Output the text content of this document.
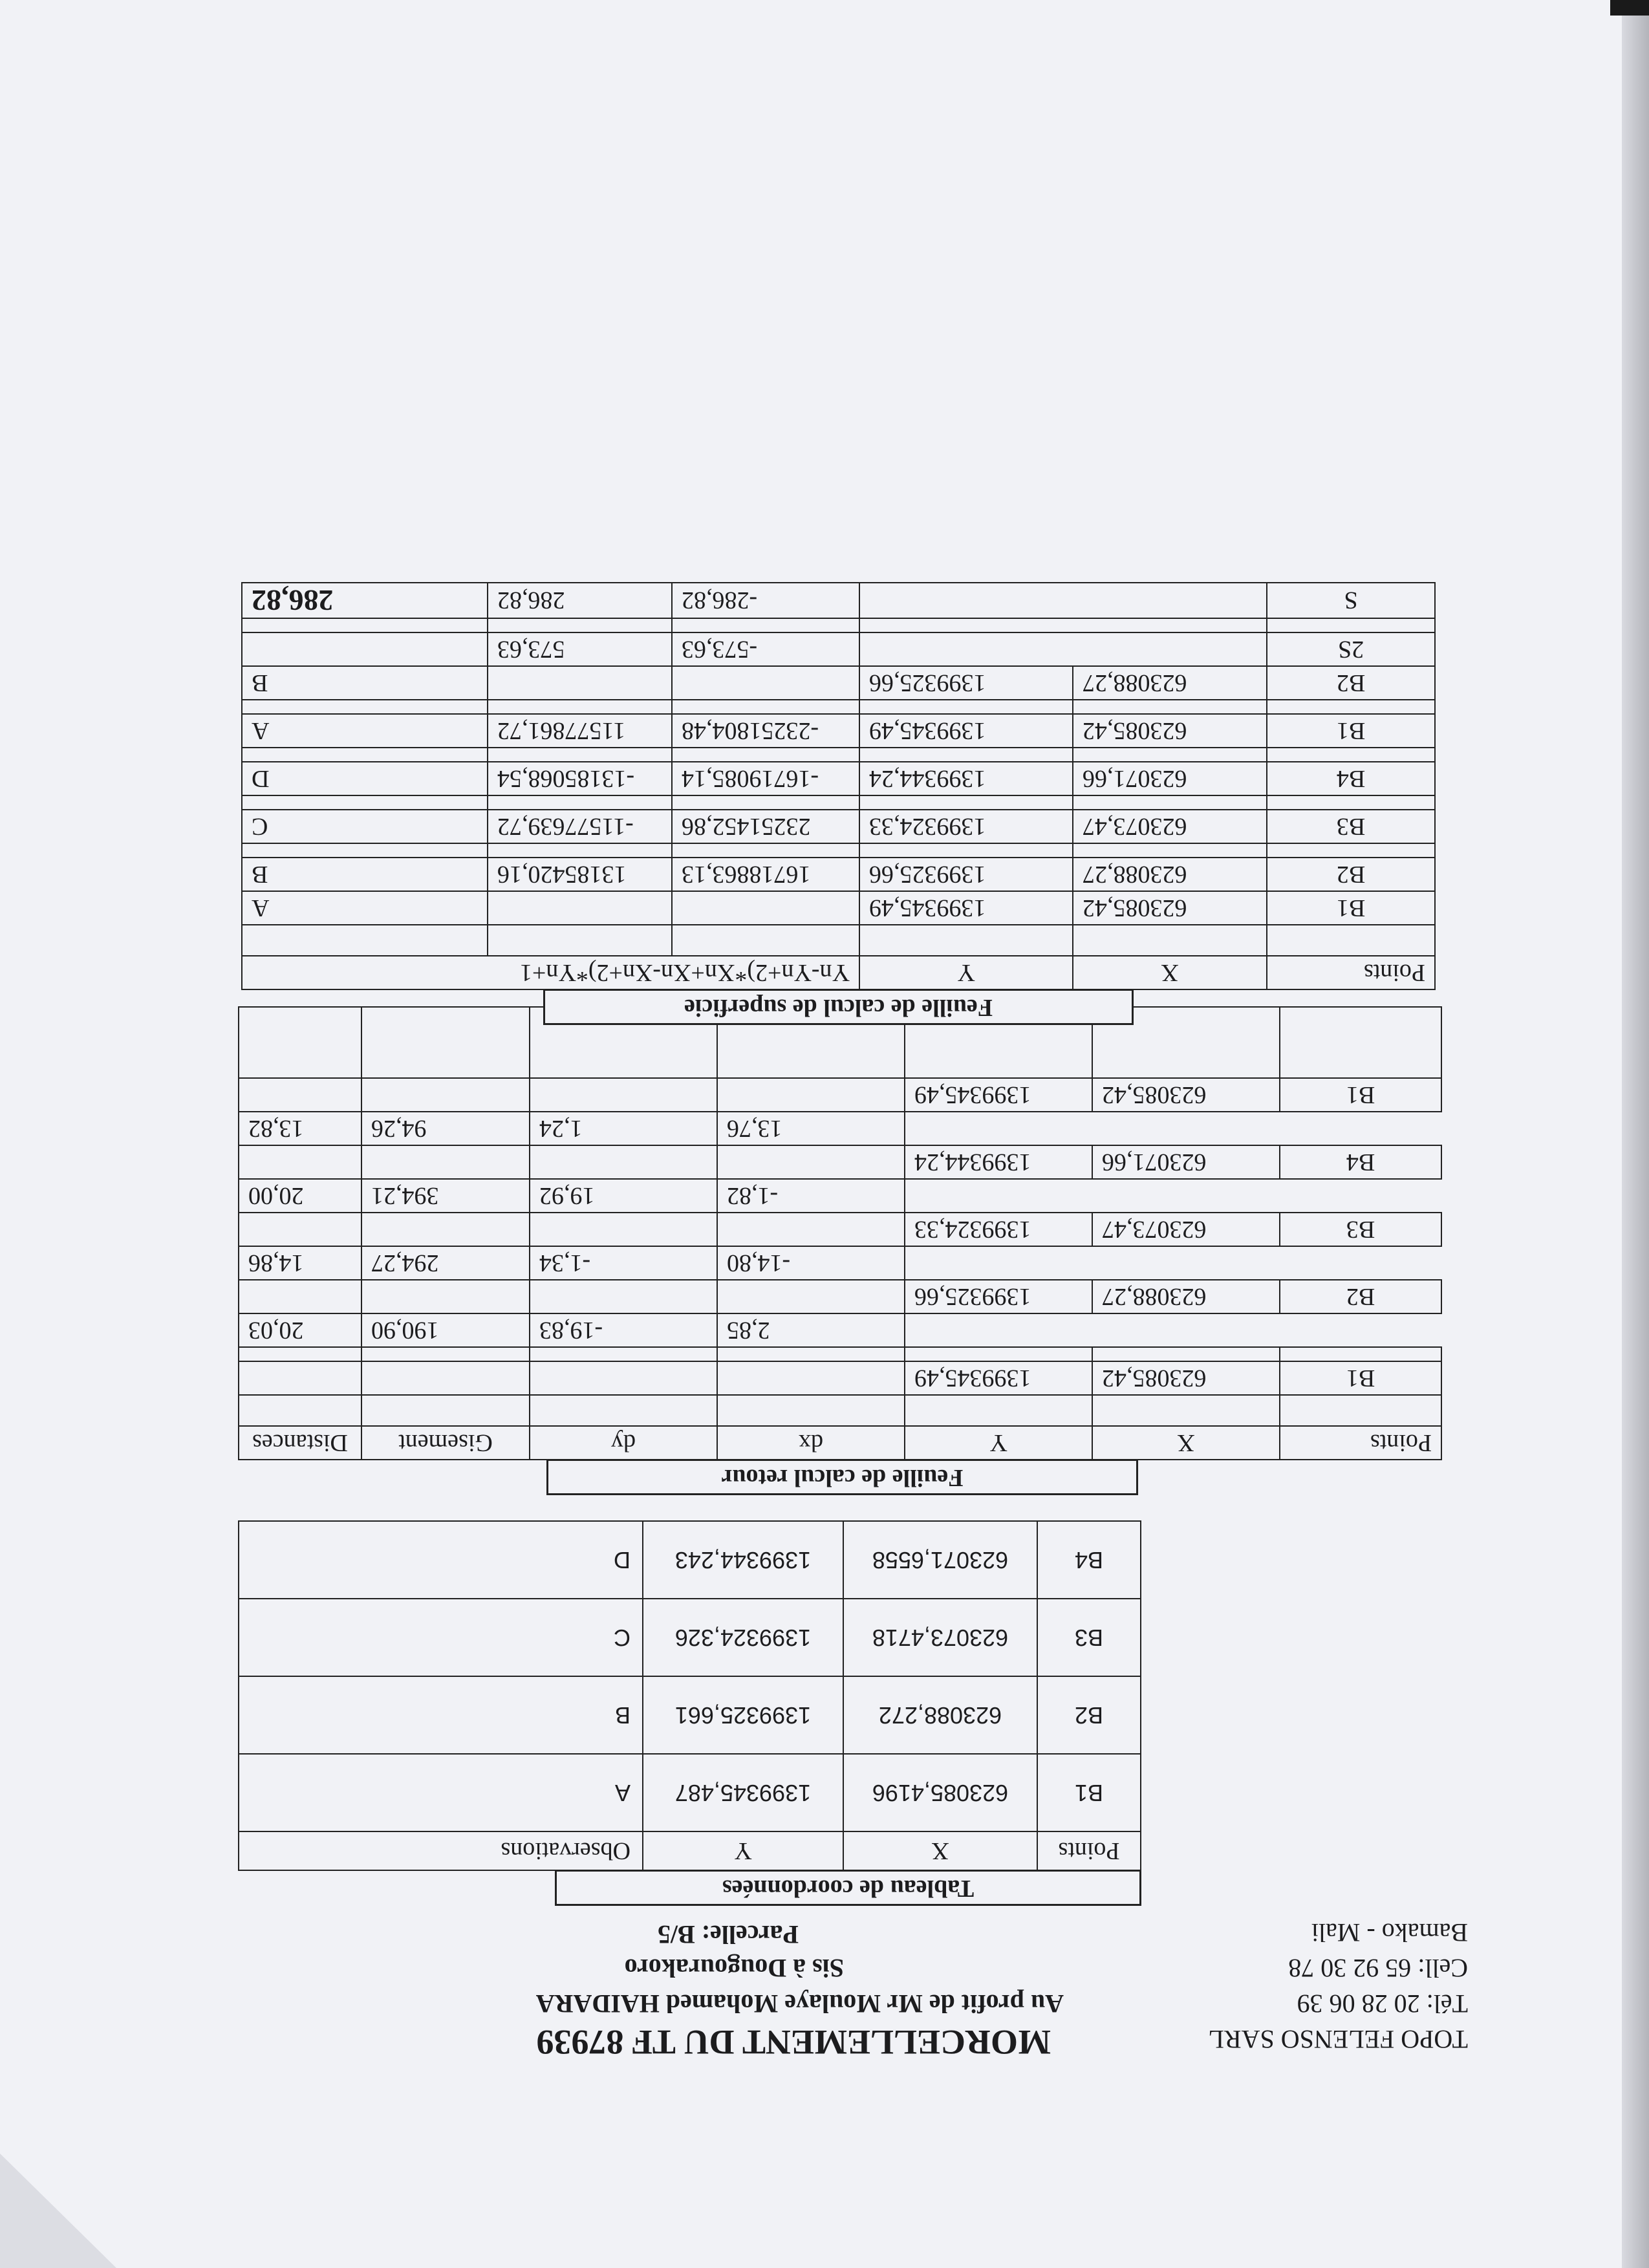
TOPO FELENSO SARL
Tél: 20 28 06 39
Cell: 65 92 30 78
Bamako - Mali
MORCELLEMENT DU TF 87939
Au profit de Mr Moulaye Mohamed HAIDARA
Sis à Dougourakoro
Parcelle: B/5
Tableau de coordonnées
Points	X	Y	Observations
B1	623085,4196	1399345,487	A
B2	623088,272	1399325,661	B
B3	623073,4718	1399324,326	C
B4	623071,6558	1399344,243	D
Feuille de calcul retour
Points	X	Y	dx	dy	Gisement	Distances

B1	623085,42	1399345,49				

			2,85	-19,83	190,90	20,03
B2	623088,27	1399325,66				
			-14,80	-1,34	294,27	14,86
B3	623073,47	1399324,33				
			-1,82	19,92	394,21	20,00
B4	623071,66	1399344,24				
			13,76	1,24	94,26	13,82
B1	623085,42	1399345,49				

Feuille de calcul de superficie
Points	X	Y	Yn-Yn+2)*Xn+Xn-Xn+2)*Yn+1		

B1	623085,42	1399345,49			A
B2	623088,27	1399325,66	16718863,13	13185420,16	B

B3	623073,47	1399324,33	23251452,86	-11577639,72	C

B4	623071,66	1399344,24	-16719085,14	-13185068,54	D

B1	623085,42	1399345,49	-23251804,48	11577861,72	A

B2	623088,27	1399325,66			B
2S			-573,63	573,63	

S			-286,82	286,82	286,82
